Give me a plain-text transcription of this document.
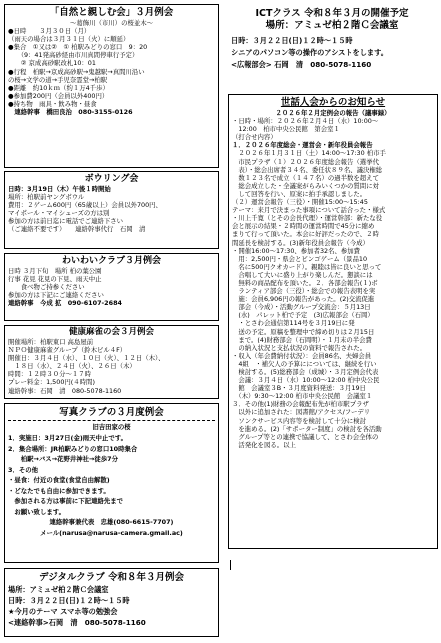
「自然と親しむ会」３月例会
～葛飾川（市川）の桜並木～
●日時　　３月３０日（月）
（雨天の場合は３月３１日（火）に順延）
●集合　①又は②　① 柏駅みどりの窓口　9：20
　　（9：41発高砂経由市川真間停車行予定）
　　② 京成高砂駅改札10：01
●行程　柏駅→京成高砂駅→鬼越駅→真間川沿い
の桜→文学の道→手児奈霊堂→柏駅
●距離　約10ｋｍ（約１万4千歩）
●参加費200円（会員以外400円）
●持ち物　雨具・飲み物・昼食
　連絡幹事　橋田良治　080-3155-0126
ボウリング会
日時：3月19日（木）午後１時開始
場所：柏駅前ヤングボウル
費用：２ゲーム600円（65歳以上）会員以外700円、
マイボール・マイシューズの方は別
参加の方は前日迄に電話でご連絡下さい
（ご連絡不要です）　　連絡幹事代行　石岡　清
わいわいクラブ３月例会
日時 ３月下旬　場所 柏の葉公園
行事 花見 花見の下見、雨天中止
　　食べ物ご持参ください
参加の方は下記にご連絡ください
連絡幹事　今成 拡　090-6107-2684
健康麻雀の会３月例会
開催場所：柏駅東口 高島屋前
ＮＰＯ健康麻雀グループ（鈴木ビル４F）
開催日：３月４日（水）、１０日（火）、１２日（木）、
　１８日（水）、２４日（火）、２６日（木）
時間：１２時３０分～１７時
プレー料金：1,500円(４時間)
連絡幹事：石岡　清　080-5078-1160
写真クラブの３月度例会
旧吉田家の桜
1．実施日：3月27日(金)雨天中止です。
2．集合場所：JR柏駅みどりの窓口10時集合
　　柏駅→バス→花野井神社→徒歩7分
3．その他
・昼食：付近の食堂(食堂自由解散)
・どなたでも自由に参加できます。
　参加される方は事前に下記連絡先まで
　お願い致します。
連絡幹事兼代表　忠雄(080-6615-7707)
メール(narusa@narusa-camera.gmail.ac)
デジタルクラブ 令和８年３月例会
場所：アミュゼ柏２階Ｃ会議室
日時：３月２２日(日)１２時～１５時
★今月のテーマ スマホ等の勉強会
<連絡幹事>石岡　清　080-5078-1160
ICTクラス 令和８年３月の開催予定
場所：アミュゼ柏２階Ｃ会議室
日時：３月２２日(日)１２時～１５時
シニアのパソコン等の操作のアシストをします。
<広報部会> 石岡　清　080-5078-1160
世話人会からのお知らせ
２０２６年２月定例会の報告（議事録）
・日時・場所：２０２６年２月４日（水）10:00～
　12:00　柏市中央公民館　第会室１
（打合せ内容）
１．２０２６年度総会・運営会・新年役員会報告
　２０２６年１月３１日（土）14:00～17:30 柏市手
　市民プラザ（１）２０２６年度総会報告（選挙代
　表）・総会出席者３４名、委任状８９名、議決権総
　数１２３名で成立（１４７名）の過半数を超えて
　総会成立した・全議案がらみいくつかの質問に対
　して回答を行い、原案に拍手承認しました。
（２）運営会報告（三役）・開催15:00～15:45
テーマ：来月で決まった事項について話合った・様式
・川上千寛（とその会長代理）・運営幹部：新たな役
会と展示の結果・２時間の運営時間で45分に縮め
まりて行って頂いた。本会に好評だったので、２時
間延長を検討する。(3)新年役員会報告（今成）
・開催16:00～17:30、参加者32名、参加費
　用：2,500円・県会とビンゴゲーム（景品10
　名に500円クオカード）。親睦は皆に良いと思って
　合唱して大いに盛り上がり楽しんだ。懇談には
　無料の商品配布を頂いた。２．各部会報告(１)ボ
　ランティア部会（三役）・総会での報告表明を実
　施：会員6,906円の報告があった。(2)交流促進
　部会（今成）・活動グループ交流会：５月13日
　(水)　パレット柏で予定　(3)広報部会（石岡）
　・とさわ会通信第114号を３月19日に発
　送の予定。原稿を整理中で締め切りは２月15日
　まで。(4)財務部会（石岡明）・１月末の半会費
　の納入状況と支払状況の資料で報告された。
・収入（年会費納付状況）：会員86名、夫婦会員
　4組　・補欠人の予算にについては、継続を行い
　検討する。(5)総務部会（成城）・３月定例会代表
　会議：３月４日（水）10:00～12:00 柏中央公民
　館　会議室３B・３月度資料発送：３月19日
　（木）9:30～12:00 柏市中央公民館　会議室１
３．その他(1)財務の会報配布先が柏市駅プラザ
　以外に追加された：図書館/アクセス/フーデリ
　ソンクサービス内容等を検討して十分に検討
　を進める。(2)「サポーター制度」の検討を各活動
　グループ等との連携で協議して、とさわ会全体の
　活発化を図る。以上
